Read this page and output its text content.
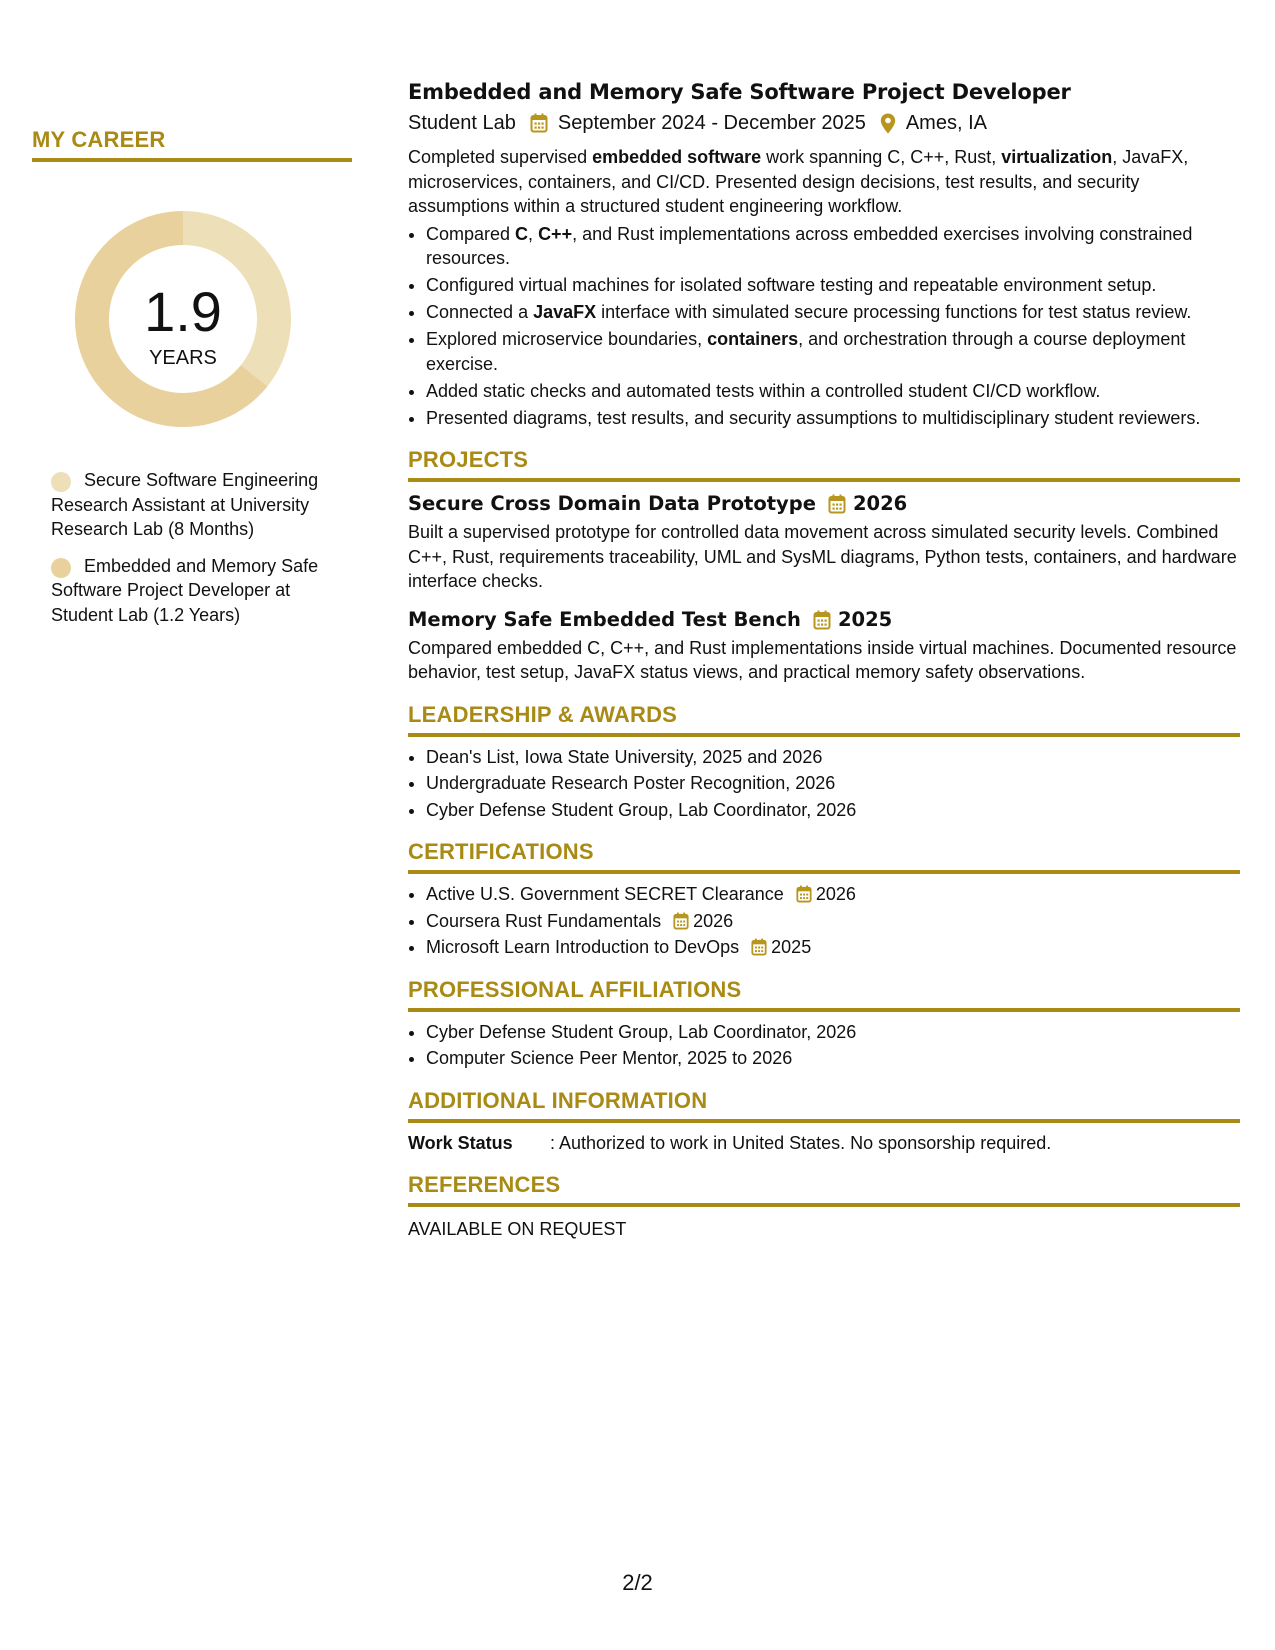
MY CAREER
1.9
YEARS
Secure Software Engineering Research Assistant at University Research Lab (8 Months)
Embedded and Memory Safe Software Project Developer at Student Lab (1.2 Years)
Embedded and Memory Safe Software Project Developer
Student Lab September 2024 - December 2025 Ames, IA

Completed supervised embedded software work spanning C, C++, Rust, virtualization, JavaFX, microservices, containers, and CI/CD. Presented design decisions, test results, and security assumptions within a structured student engineering workflow.

• Compared C, C++, and Rust implementations across embedded exercises involving constrained resources.
• Configured virtual machines for isolated software testing and repeatable environment setup.
• Connected a JavaFX interface with simulated secure processing functions for test status review.
• Explored microservice boundaries, containers, and orchestration through a course deployment exercise.
• Added static checks and automated tests within a controlled student CI/CD workflow.
• Presented diagrams, test results, and security assumptions to multidisciplinary student reviewers.
PROJECTS
Secure Cross Domain Data Prototype 2026

Built a supervised prototype for controlled data movement across simulated security levels. Combined C++, Rust, requirements traceability, UML and SysML diagrams, Python tests, containers, and hardware interface checks.

Memory Safe Embedded Test Bench 2025

Compared embedded C, C++, and Rust implementations inside virtual machines. Documented resource behavior, test setup, JavaFX status views, and practical memory safety observations.

LEADERSHIP & AWARDS
• Dean's List, Iowa State University, 2025 and 2026
• Undergraduate Research Poster Recognition, 2026
• Cyber Defense Student Group, Lab Coordinator, 2026
CERTIFICATIONS
• Active U.S. Government SECRET Clearance 2026
• Coursera Rust Fundamentals 2026
• Microsoft Learn Introduction to DevOps 2025
PROFESSIONAL AFFILIATIONS
• Cyber Defense Student Group, Lab Coordinator, 2026
• Computer Science Peer Mentor, 2025 to 2026
ADDITIONAL INFORMATION
Work Status	: Authorized to work in United States. No sponsorship required.
REFERENCES
AVAILABLE ON REQUEST
2/2
